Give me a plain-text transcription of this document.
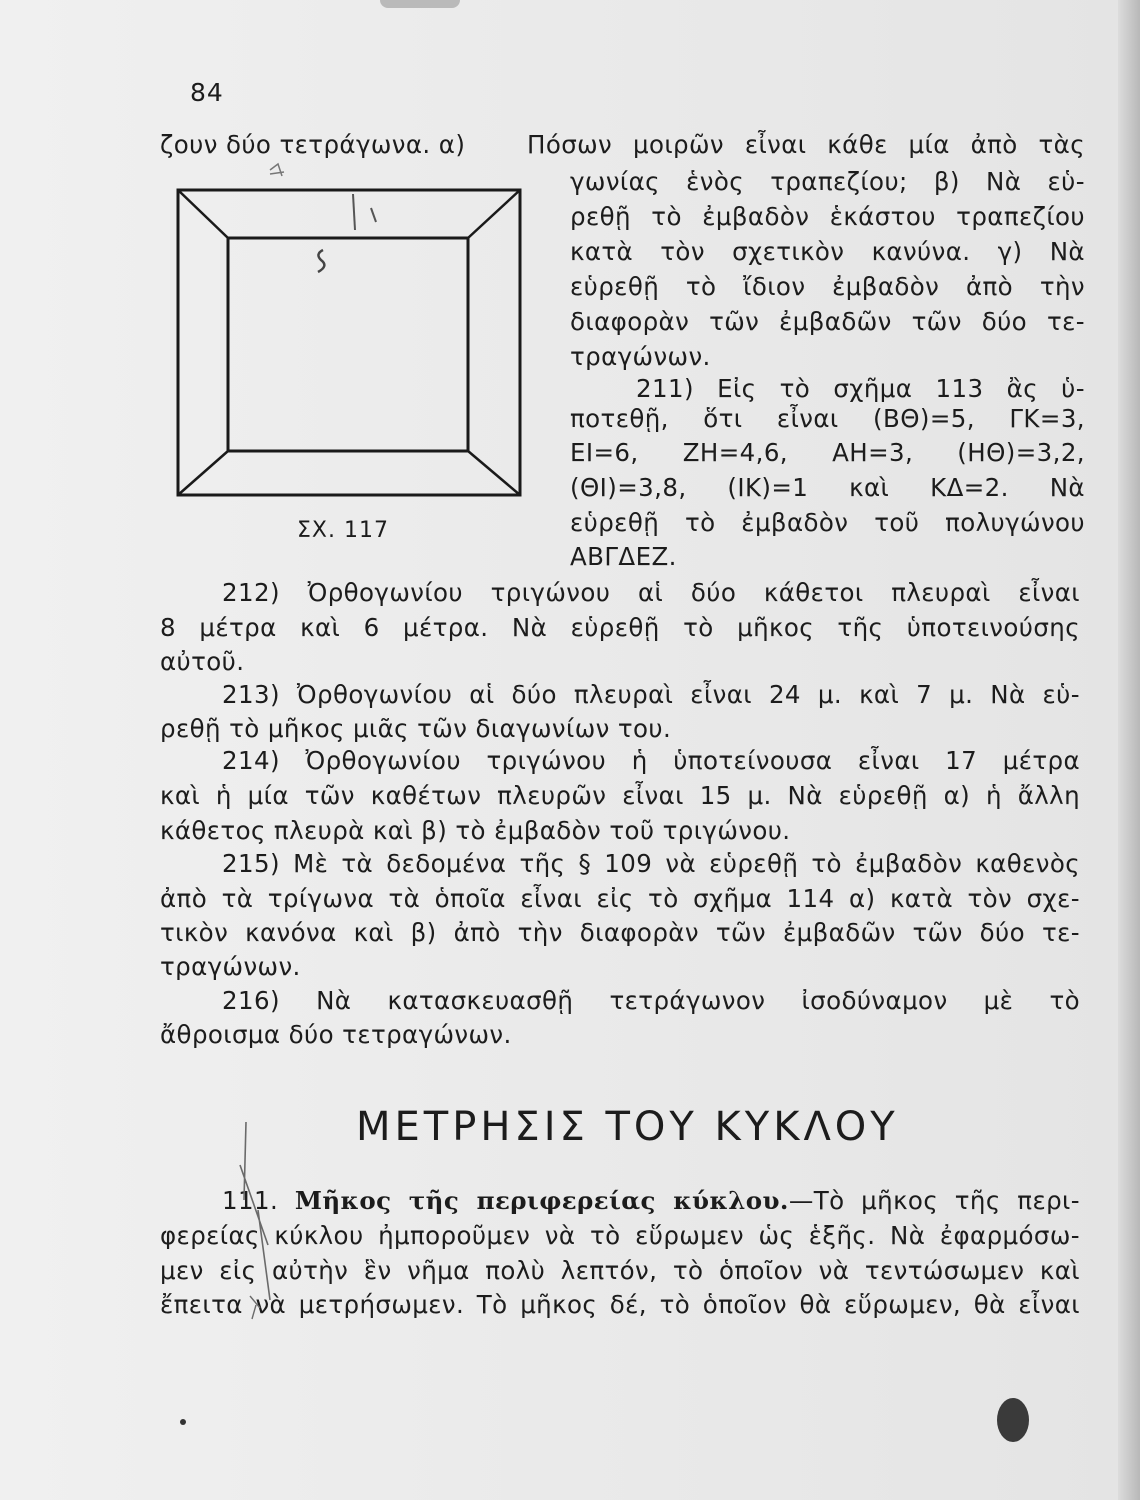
84
ΣΧ. 117
ζουν δύο τετράγωνα. α)	Πόσων μοιρῶν εἶναι κάθε μία ἀπὸ τὰς
γωνίας ἑνὸς τραπεζίου; β) Νὰ εὑ-
ρεθῇ τὸ ἐμβαδὸν ἑκάστου τραπεζίου
κατὰ τὸν σχετικὸν κανύνα. γ) Νὰ
εὑρεθῇ τὸ ἴδιον ἐμβαδὸν ἀπὸ τὴν
διαφορὰν τῶν ἐμβαδῶν τῶν δύο τε-
τραγώνων.
211) Εἰς τὸ σχῆμα 113 ἂς ὑ-
ποτεθῇ, ὅτι εἶναι (ΒΘ)=5, ΓΚ=3,
ΕΙ=6, ΖΗ=4,6, ΑΗ=3, (ΗΘ)=3,2,
(ΘΙ)=3,8, (ΙΚ)=1 καὶ ΚΔ=2. Νὰ
εὑρεθῇ τὸ ἐμβαδὸν τοῦ πολυγώνου
ΑΒΓΔΕΖ.
212) Ὀρθογωνίου τριγώνου αἱ δύο κάθετοι πλευραὶ εἶναι
8 μέτρα καὶ 6 μέτρα. Νὰ εὑρεθῇ τὸ μῆκος τῆς ὑποτεινούσης
αὐτοῦ.
213) Ὀρθογωνίου αἱ δύο πλευραὶ εἶναι 24 μ. καὶ 7 μ. Νὰ εὑ-
ρεθῇ τὸ μῆκος μιᾶς τῶν διαγωνίων του.
214) Ὀρθογωνίου τριγώνου ἡ ὑποτείνουσα εἶναι 17 μέτρα
καὶ ἡ μία τῶν καθέτων πλευρῶν εἶναι 15 μ. Νὰ εὑρεθῇ α) ἡ ἄλλη
κάθετος πλευρὰ καὶ β) τὸ ἐμβαδὸν τοῦ τριγώνου.
215) Μὲ τὰ δεδομένα τῆς § 109 νὰ εὑρεθῇ τὸ ἐμβαδὸν καθενὸς
ἀπὸ τὰ τρίγωνα τὰ ὁποῖα εἶναι εἰς τὸ σχῆμα 114 α) κατὰ τὸν σχε-
τικὸν κανόνα καὶ β) ἀπὸ τὴν διαφορὰν τῶν ἐμβαδῶν τῶν δύο τε-
τραγώνων.
216) Νὰ κατασκευασθῇ τετράγωνον ἰσοδύναμον μὲ τὸ
ἄθροισμα δύο τετραγώνων.
ΜΕΤΡΗΣΙΣ ΤΟΥ ΚΥΚΛΟΥ
111. Μῆκος τῆς περιφερείας κύκλου.—Τὸ μῆκος τῆς περι-
φερείας κύκλου ἠμποροῦμεν νὰ τὸ εὕρωμεν ὡς ἑξῆς. Νὰ ἐφαρμόσω-
μεν εἰς αὐτὴν ἓν νῆμα πολὺ λεπτόν, τὸ ὁποῖον νὰ τεντώσωμεν καὶ
ἔπειτα νὰ μετρήσωμεν. Τὸ μῆκος δέ, τὸ ὁποῖον θὰ εὕρωμεν, θὰ εἶναι
